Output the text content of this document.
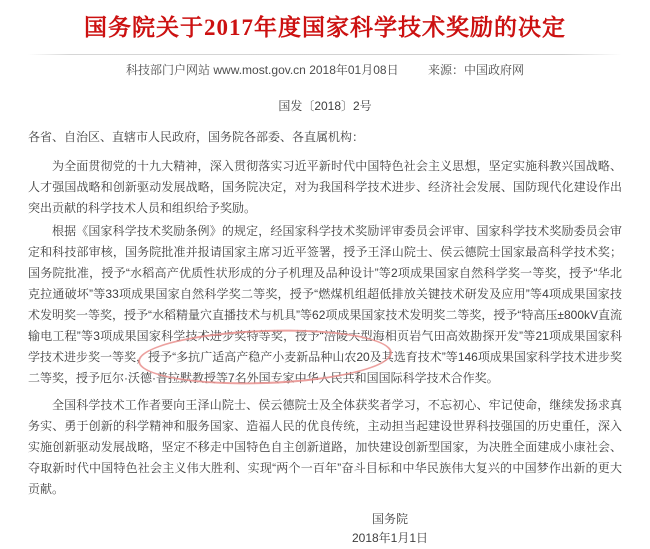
国务院关于2017年度国家科学技术奖励的决定
科技部门户网站 www.most.gov.cn 2018年01月08日 来源：中国政府网
国发〔2018〕2号
各省、自治区、直辖市人民政府，国务院各部委、各直属机构：

为全面贯彻党的十九大精神，深入贯彻落实习近平新时代中国特色社会主义思想，坚定实施科教兴国战略、人才强国战略和创新驱动发展战略，国务院决定，对为我国科学技术进步、经济社会发展、国防现代化建设作出突出贡献的科学技术人员和组织给予奖励。

根据《国家科学技术奖励条例》的规定，经国家科学技术奖励评审委员会评审、国家科学技术奖励委员会审定和科技部审核，国务院批准并报请国家主席习近平签署，授予王泽山院士、侯云德院士国家最高科学技术奖；国务院批准，授予“水稻高产优质性状形成的分子机理及品种设计”等2项成果国家自然科学奖一等奖，授予“华北克拉通破坏”等33项成果国家自然科学奖二等奖，授予“燃煤机组超低排放关键技术研发及应用”等4项成果国家技术发明奖一等奖，授予“水稻精量穴直播技术与机具”等62项成果国家技术发明奖二等奖，授予“特高压±800kV直流输电工程”等3项成果国家科学技术进步奖特等奖，授予“涪陵大型海相页岩气田高效勘探开发”等21项成果国家科学技术进步奖一等奖，授予“多抗广适高产稳产小麦新品种山农20及其选育技术”等146项成果国家科学技术进步奖二等奖，授予厄尔·沃德·普拉默教授等7名外国专家中华人民共和国国际科学技术合作奖。

全国科学技术工作者要向王泽山院士、侯云德院士及全体获奖者学习，不忘初心、牢记使命，继续发扬求真务实、勇于创新的科学精神和服务国家、造福人民的优良传统，主动担当起建设世界科技强国的历史重任，深入实施创新驱动发展战略，坚定不移走中国特色自主创新道路，加快建设创新型国家，为决胜全面建成小康社会、夺取新时代中国特色社会主义伟大胜利、实现“两个一百年”奋斗目标和中华民族伟大复兴的中国梦作出新的更大贡献。

国务院
2018年1月1日
